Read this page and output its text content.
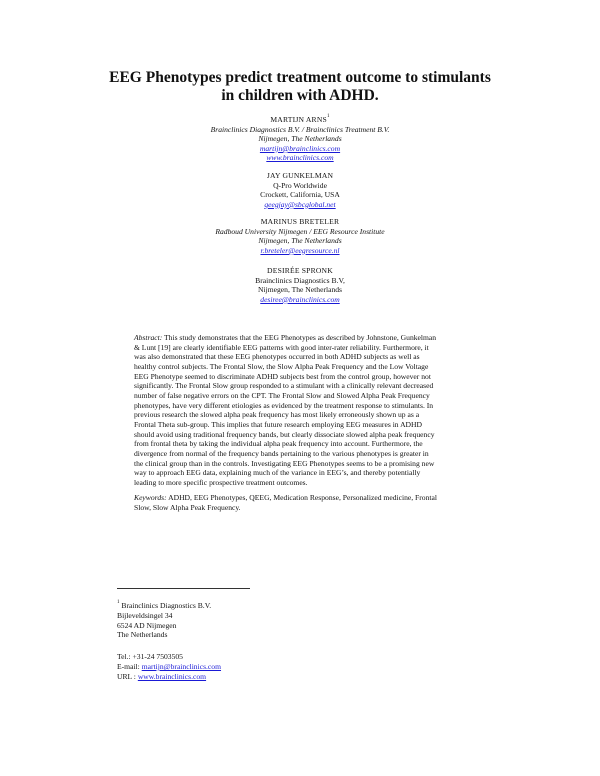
EEG Phenotypes predict treatment outcome to stimulants
in children with ADHD.
MARTIJN ARNS$^1$
Brainclinics Diagnostics B.V. / Brainclinics Treatment B.V.
Nijmegen, The Netherlands
martijn@brainclinics.com
www.brainclinics.com
JAY GUNKELMAN
Q-Pro Worldwide
Crockett, California, USA
qeegjay@sbcglobal.net
MARINUS BRETELER
Radboud University Nijmegen / EEG Resource Institute
Nijmegen, The Netherlands
r.breteler@eegresource.nl
DESIRÉE SPRONK
Brainclinics Diagnostics B.V,
Nijmegen, The Netherlands
desiree@brainclinics.com
Abstract: This study demonstrates that the EEG Phenotypes as described by Johnstone, Gunkelman
& Lunt [19] are clearly identifiable EEG patterns with good inter-rater reliability. Furthermore, it
was also demonstrated that these EEG phenotypes occurred in both ADHD subjects as well as
healthy control subjects. The Frontal Slow, the Slow Alpha Peak Frequency and the Low Voltage
EEG Phenotype seemed to discriminate ADHD subjects best from the control group, however not
significantly. The Frontal Slow group responded to a stimulant with a clinically relevant decreased
number of false negative errors on the CPT. The Frontal Slow and Slowed Alpha Peak Frequency
phenotypes, have very different etiologies as evidenced by the treatment response to stimulants. In
previous research the slowed alpha peak frequency has most likely erroneously shown up as a
Frontal Theta sub-group. This implies that future research employing EEG measures in ADHD
should avoid using traditional frequency bands, but clearly dissociate slowed alpha peak frequency
from frontal theta by taking the individual alpha peak frequency into account. Furthermore, the
divergence from normal of the frequency bands pertaining to the various phenotypes is greater in
the clinical group than in the controls. Investigating EEG Phenotypes seems to be a promising new
way to approach EEG data, explaining much of the variance in EEG’s, and thereby potentially
leading to more specific prospective treatment outcomes.
Keywords: ADHD, EEG Phenotypes, QEEG, Medication Response, Personalized medicine, Frontal
Slow, Slow Alpha Peak Frequency.
$^1$ Brainclinics Diagnostics B.V.
Bijleveldsingel 34
6524 AD Nijmegen
The Netherlands
Tel.: +31-24 7503505
E-mail: martijn@brainclinics.com
URL : www.brainclinics.com
